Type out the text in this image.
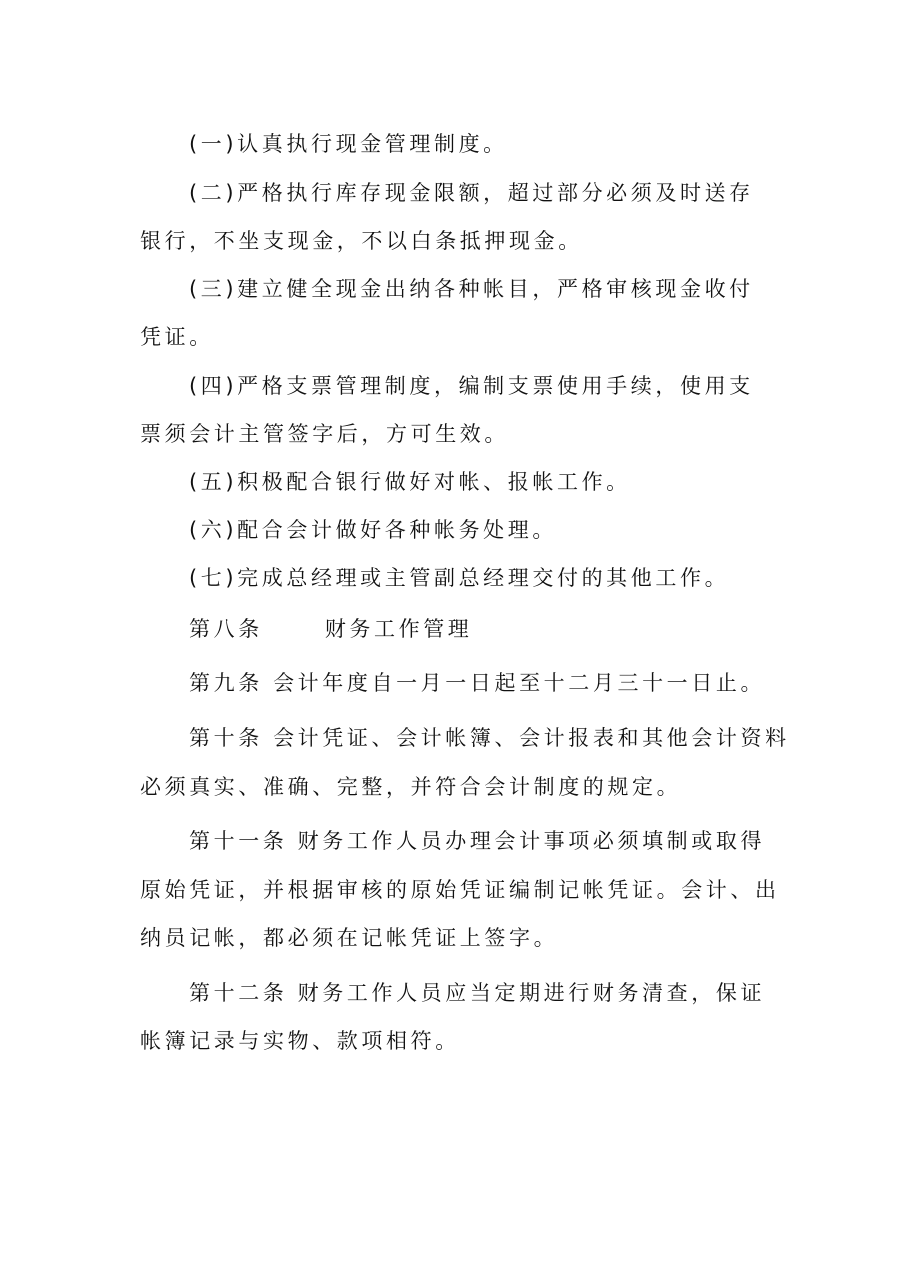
(一)认真执行现金管理制度。
(二)严格执行库存现金限额，超过部分必须及时送存
银行，不坐支现金，不以白条抵押现金。
(三)建立健全现金出纳各种帐目，严格审核现金收付
凭证。
(四)严格支票管理制度，编制支票使用手续，使用支
票须会计主管签字后，方可生效。
(五)积极配合银行做好对帐、报帐工作。
(六)配合会计做好各种帐务处理。
(七)完成总经理或主管副总经理交付的其他工作。
第八条	财务工作管理
第九条 会计年度自一月一日起至十二月三十一日止。
第十条 会计凭证、会计帐簿、会计报表和其他会计资料
必须真实、准确、完整，并符合会计制度的规定。
第十一条 财务工作人员办理会计事项必须填制或取得
原始凭证，并根据审核的原始凭证编制记帐凭证。会计、出
纳员记帐，都必须在记帐凭证上签字。
第十二条 财务工作人员应当定期进行财务清查，保证
帐簿记录与实物、款项相符。
